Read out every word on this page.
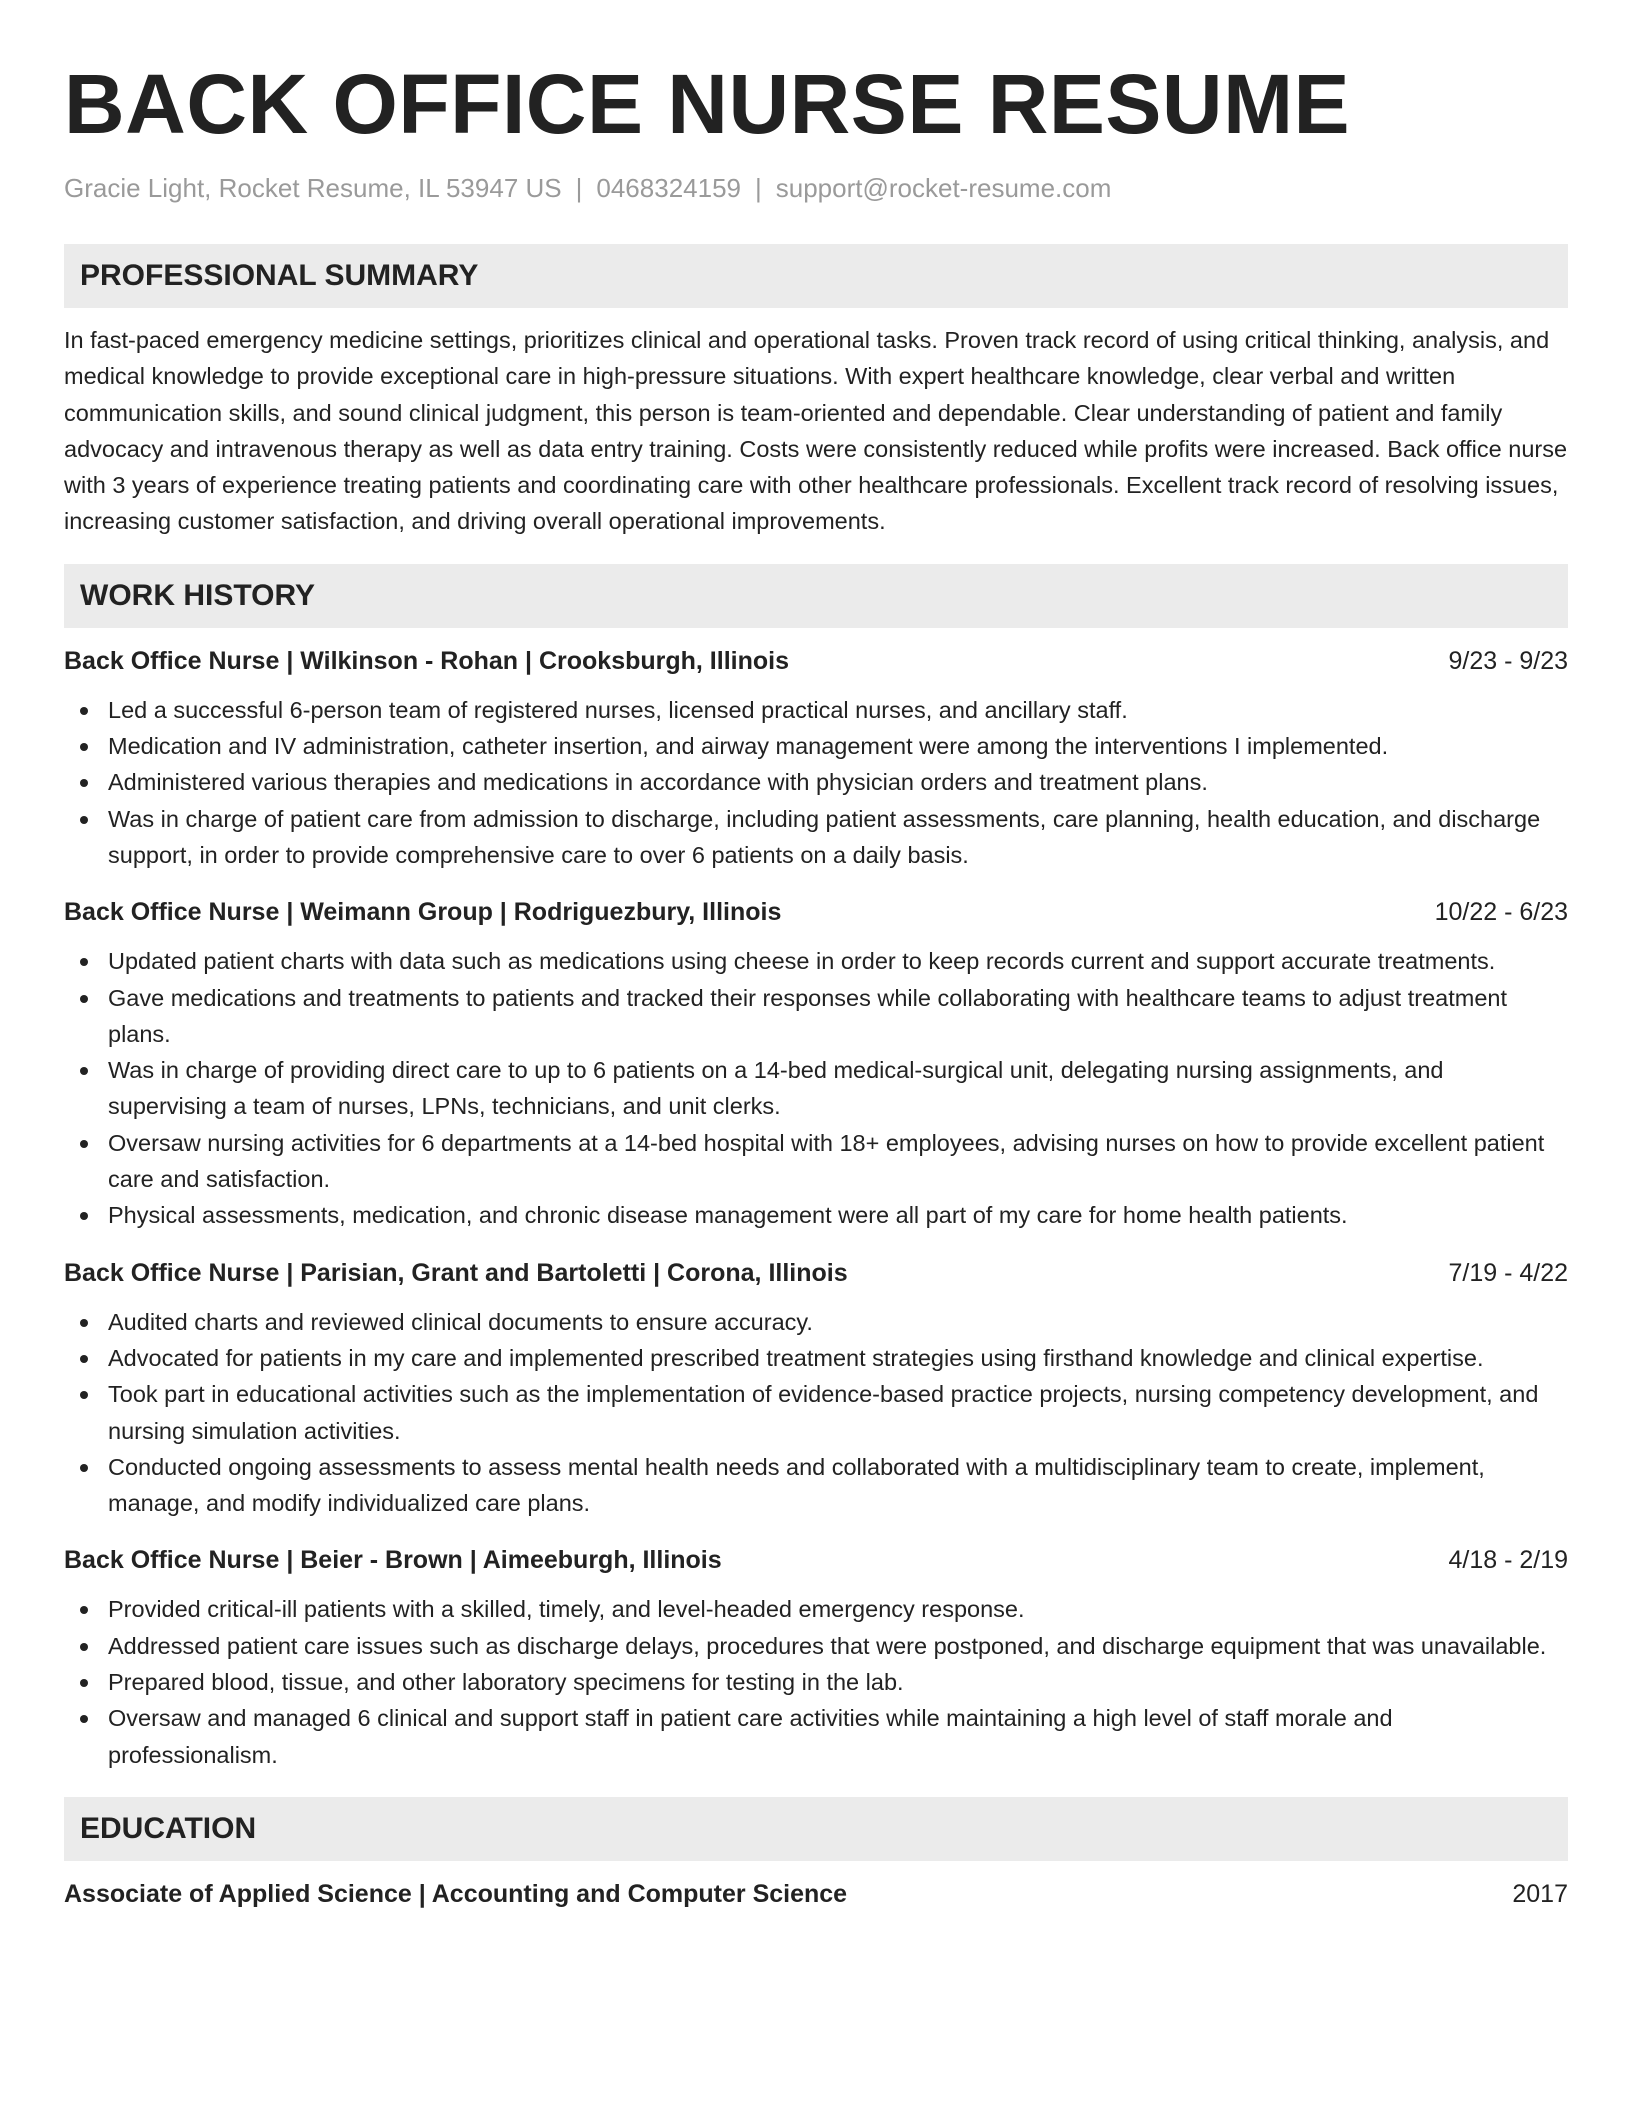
BACK OFFICE NURSE RESUME
Gracie Light, Rocket Resume, IL 53947 US | 0468324159 | support@rocket-resume.com
PROFESSIONAL SUMMARY

In fast-paced emergency medicine settings, prioritizes clinical and operational tasks. Proven track record of using critical thinking, analysis, and medical knowledge to provide exceptional care in high-pressure situations. With expert healthcare knowledge, clear verbal and written communication skills, and sound clinical judgment, this person is team-oriented and dependable. Clear understanding of patient and family advocacy and intravenous therapy as well as data entry training. Costs were consistently reduced while profits were increased. Back office nurse with 3 years of experience treating patients and coordinating care with other healthcare professionals. Excellent track record of resolving issues, increasing customer satisfaction, and driving overall operational improvements.

WORK HISTORY
Back Office Nurse | Wilkinson - Rohan | Crooksburgh, Illinois	9/23 - 9/23
Led a successful 6-person team of registered nurses, licensed practical nurses, and ancillary staff.
Medication and IV administration, catheter insertion, and airway management were among the interventions I implemented.
Administered various therapies and medications in accordance with physician orders and treatment plans.
Was in charge of patient care from admission to discharge, including patient assessments, care planning, health education, and discharge support, in order to provide comprehensive care to over 6 patients on a daily basis.
Back Office Nurse | Weimann Group | Rodriguezbury, Illinois	10/22 - 6/23
Updated patient charts with data such as medications using cheese in order to keep records current and support accurate treatments.
Gave medications and treatments to patients and tracked their responses while collaborating with healthcare teams to adjust treatment plans.
Was in charge of providing direct care to up to 6 patients on a 14-bed medical-surgical unit, delegating nursing assignments, and supervising a team of nurses, LPNs, technicians, and unit clerks.
Oversaw nursing activities for 6 departments at a 14-bed hospital with 18+ employees, advising nurses on how to provide excellent patient care and satisfaction.
Physical assessments, medication, and chronic disease management were all part of my care for home health patients.
Back Office Nurse | Parisian, Grant and Bartoletti | Corona, Illinois	7/19 - 4/22
Audited charts and reviewed clinical documents to ensure accuracy.
Advocated for patients in my care and implemented prescribed treatment strategies using firsthand knowledge and clinical expertise.
Took part in educational activities such as the implementation of evidence-based practice projects, nursing competency development, and nursing simulation activities.
Conducted ongoing assessments to assess mental health needs and collaborated with a multidisciplinary team to create, implement, manage, and modify individualized care plans.
Back Office Nurse | Beier - Brown | Aimeeburgh, Illinois	4/18 - 2/19
Provided critical-ill patients with a skilled, timely, and level-headed emergency response.
Addressed patient care issues such as discharge delays, procedures that were postponed, and discharge equipment that was unavailable.
Prepared blood, tissue, and other laboratory specimens for testing in the lab.
Oversaw and managed 6 clinical and support staff in patient care activities while maintaining a high level of staff morale and professionalism.
EDUCATION
Associate of Applied Science | Accounting and Computer Science	2017
